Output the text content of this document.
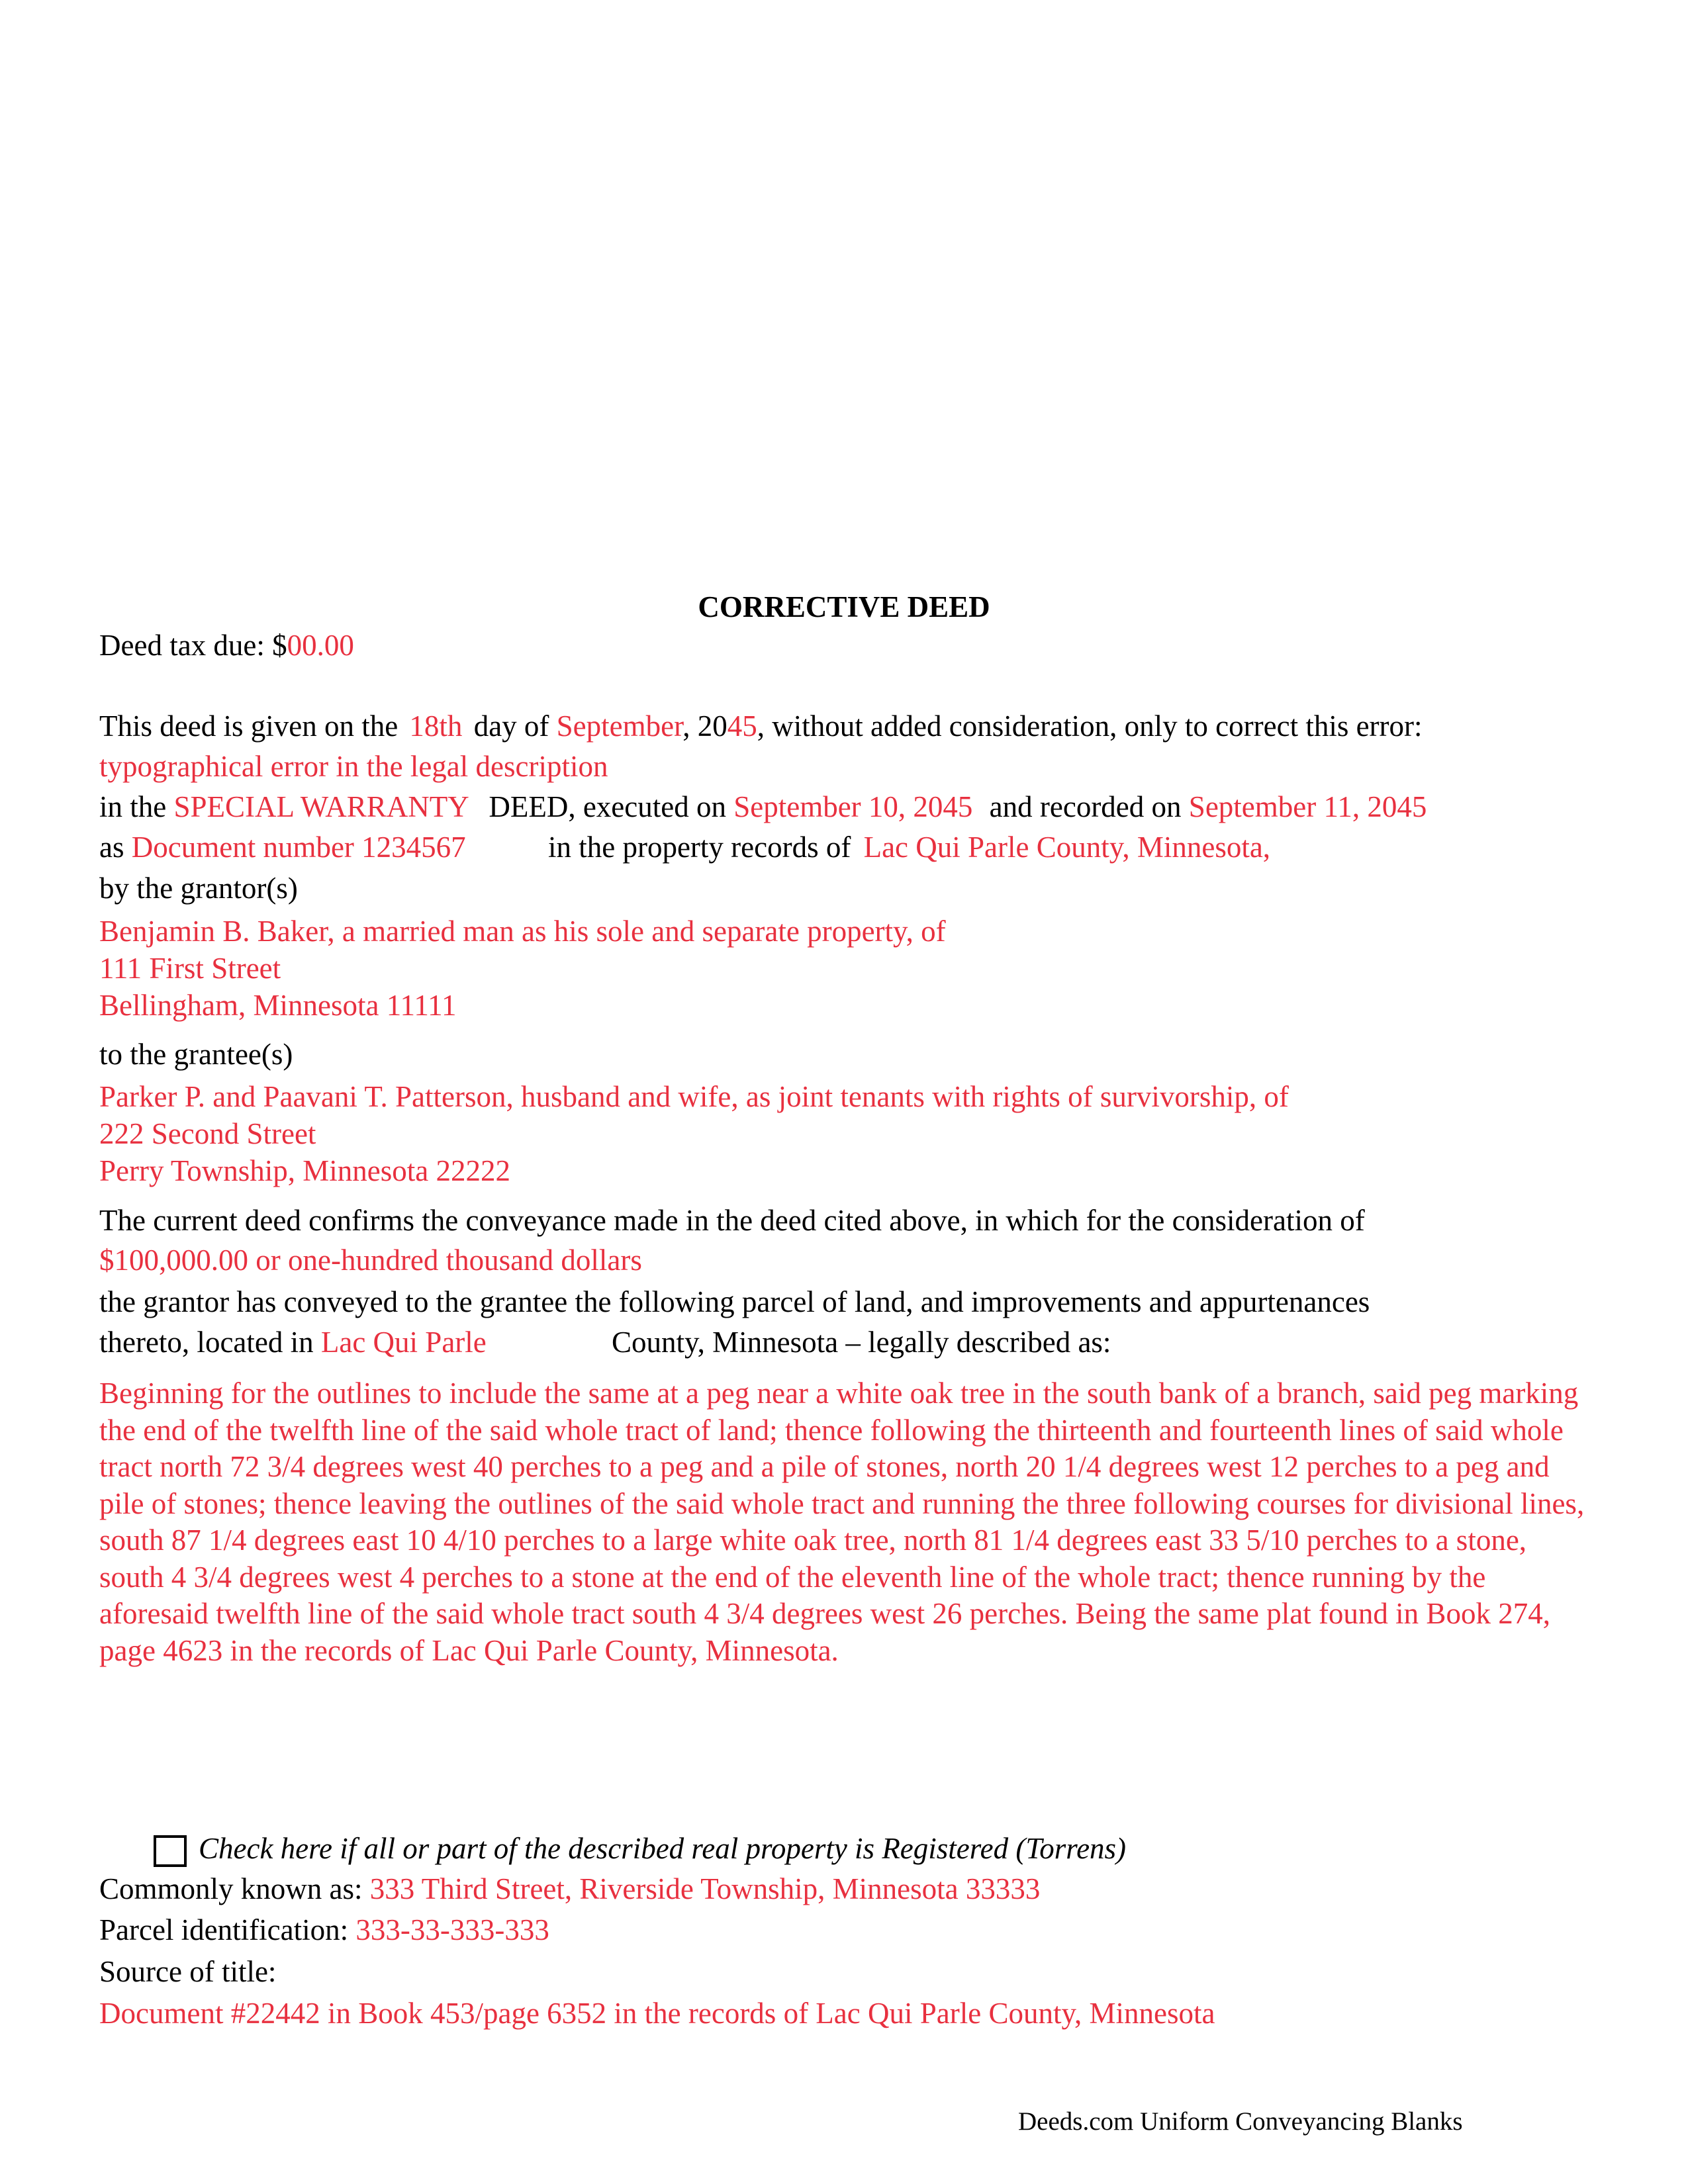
CORRECTIVE DEED
Deed tax due: $00.00
This deed is given on the 18th day of September, 2045, without added consideration, only to correct this error:
typographical error in the legal description
in the SPECIAL WARRANTY DEED, executed on September 10, 2045 and recorded on September 11, 2045
as Document number 1234567	in the property records of Lac Qui Parle County, Minnesota,
by the grantor(s)
Benjamin B. Baker, a married man as his sole and separate property, of
111 First Street
Bellingham, Minnesota 11111
to the grantee(s)
Parker P. and Paavani T. Patterson, husband and wife, as joint tenants with rights of survivorship, of
222 Second Street
Perry Township, Minnesota 22222
The current deed confirms the conveyance made in the deed cited above, in which for the consideration of
$100,000.00 or one-hundred thousand dollars
the grantor has conveyed to the grantee the following parcel of land, and improvements and appurtenances
thereto, located in Lac Qui Parle	County, Minnesota – legally described as:
Beginning for the outlines to include the same at a peg near a white oak tree in the south bank of a branch, said peg marking the end of the twelfth line of the said whole tract of land; thence following the thirteenth and fourteenth lines of said whole tract north 72 3/4 degrees west 40 perches to a peg and a pile of stones, north 20 1/4 degrees west 12 perches to a peg and pile of stones; thence leaving the outlines of the said whole tract and running the three following courses for divisional lines, south 87 1/4 degrees east 10 4/10 perches to a large white oak tree, north 81 1/4 degrees east 33 5/10 perches to a stone, south 4 3/4 degrees west 4 perches to a stone at the end of the eleventh line of the whole tract; thence running by the aforesaid twelfth line of the said whole tract south 4 3/4 degrees west 26 perches. Being the same plat found in Book 274, page 4623 in the records of Lac Qui Parle County, Minnesota.
Check here if all or part of the described real property is Registered (Torrens)
Commonly known as: 333 Third Street, Riverside Township, Minnesota 33333
Parcel identification: 333-33-333-333
Source of title:
Document #22442 in Book 453/page 6352 in the records of Lac Qui Parle County, Minnesota
Deeds.com Uniform Conveyancing Blanks
